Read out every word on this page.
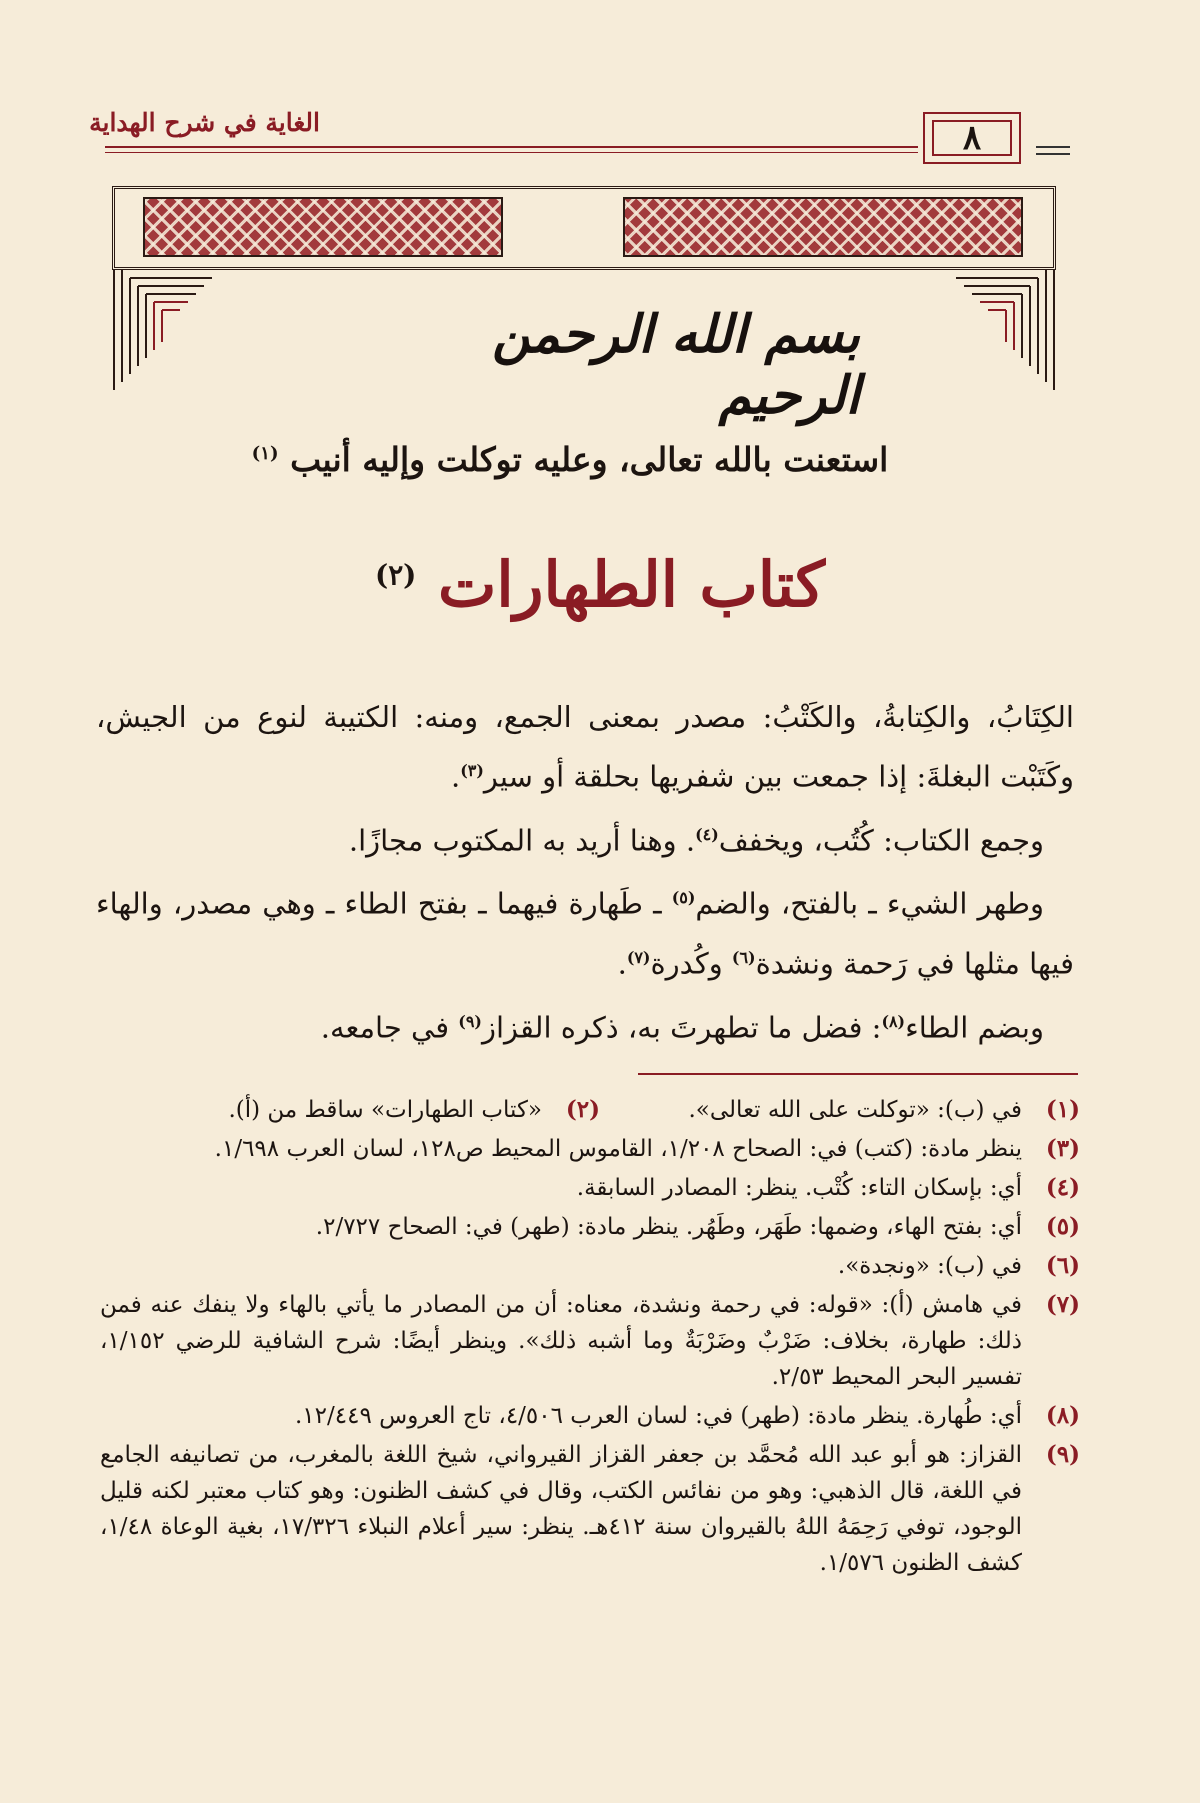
الغاية في شرح الهداية	٨
بسم الله الرحمن الرحيم
استعنت بالله تعالى، وعليه توكلت وإليه أنيب $^{(١)}$
كتاب الطهارات $^{(٢)}$

الكِتَابُ، والكِتابةُ، والكَتْبُ: مصدر بمعنى الجمع، ومنه: الكتيبة لنوع من الجيش، وكَتَبْت البغلةَ: إذا جمعت بين شفريها بحلقة أو سير$^{(٣)}$.

وجمع الكتاب: كُتُب، ويخفف$^{(٤)}$. وهنا أريد به المكتوب مجازًا.

وطهر الشيء ـ بالفتح، والضم$^{(٥)}$ ـ طَهارة فيهما ـ بفتح الطاء ـ وهي مصدر، والهاء فيها مثلها في رَحمة ونشدة$^{(٦)}$ وكُدرة$^{(٧)}$.

وبضم الطاء$^{(٨)}$: فضل ما تطهرتَ به، ذكره القزاز$^{(٩)}$ في جامعه.

(١)
في (ب): «توكلت على الله تعالى».
(٢)
«كتاب الطهارات» ساقط من (أ).
(٣)
ينظر مادة: (كتب) في: الصحاح ١/٢٠٨، القاموس المحيط ص١٢٨، لسان العرب ١/٦٩٨.
(٤)
أي: بإسكان التاء: كُتْب. ينظر: المصادر السابقة.
(٥)
أي: بفتح الهاء، وضمها: طَهَر، وطَهُر. ينظر مادة: (طهر) في: الصحاح ٢/٧٢٧.
(٦)
في (ب): «ونجدة».
(٧)
في هامش (أ): «قوله: في رحمة ونشدة، معناه: أن من المصادر ما يأتي بالهاء ولا ينفك عنه فمن ذلك: طهارة، بخلاف: ضَرْبٌ وضَرْبَةٌ وما أشبه ذلك». وينظر أيضًا: شرح الشافية للرضي ١/١٥٢، تفسير البحر المحيط ٢/٥٣.
(٨)
أي: طُهارة. ينظر مادة: (طهر) في: لسان العرب ٤/٥٠٦، تاج العروس ١٢/٤٤٩.
(٩)
القزاز: هو أبو عبد الله مُحمَّد بن جعفر القزاز القيرواني، شيخ اللغة بالمغرب، من تصانيفه الجامع في اللغة، قال الذهبي: وهو من نفائس الكتب، وقال في كشف الظنون: وهو كتاب معتبر لكنه قليل الوجود، توفي رَحِمَهُ اللهُ بالقيروان سنة ٤١٢هـ. ينظر: سير أعلام النبلاء ١٧/٣٢٦، بغية الوعاة ١/٤٨، كشف الظنون ١/٥٧٦.
